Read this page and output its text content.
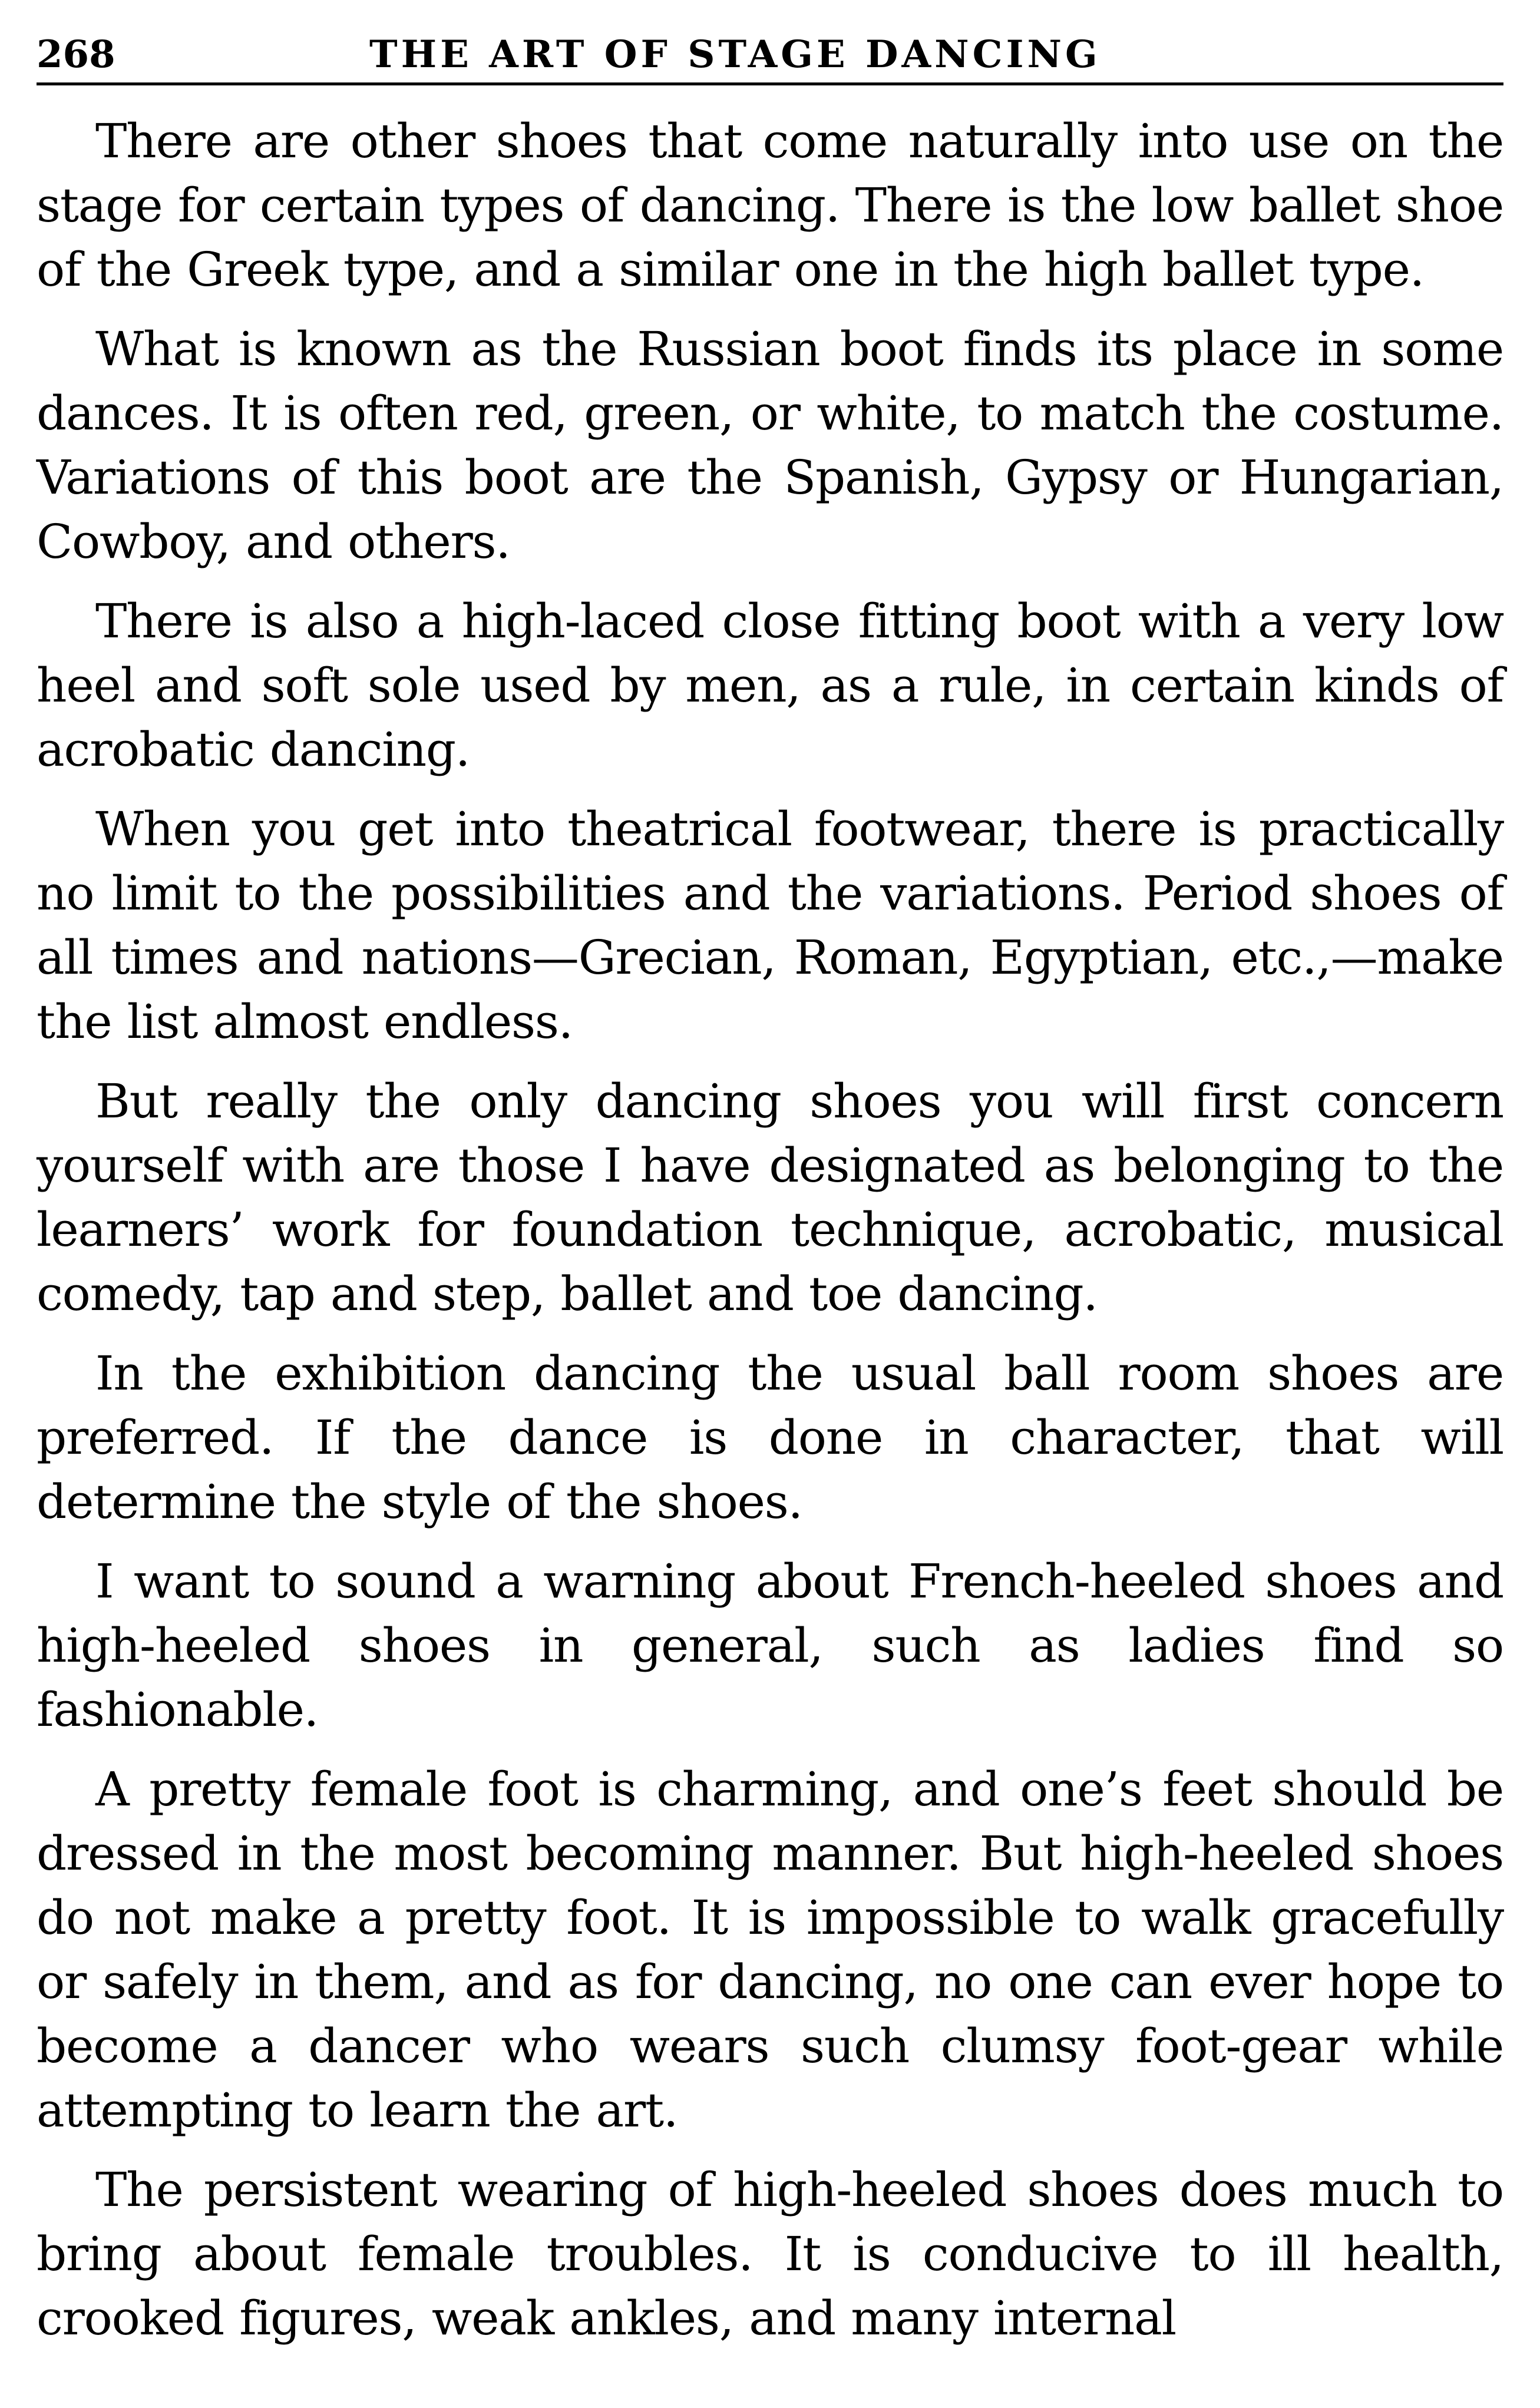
268	THE ART OF STAGE DANCING

There are other shoes that come naturally into use on the stage for certain types of dancing. There is the low ballet shoe of the Greek type, and a similar one in the high ballet type.

What is known as the Russian boot finds its place in some dances. It is often red, green, or white, to match the costume. Variations of this boot are the Spanish, Gypsy or Hungarian, Cowboy, and others.

There is also a high-laced close fitting boot with a very low heel and soft sole used by men, as a rule, in certain kinds of acrobatic dancing.

When you get into theatrical footwear, there is practically no limit to the possibilities and the variations. Period shoes of all times and nations—Grecian, Roman, Egyptian, etc.,—make the list almost endless.

But really the only dancing shoes you will first concern yourself with are those I have designated as belonging to the learners’ work for foundation technique, acrobatic, musical comedy, tap and step, ballet and toe dancing.

In the exhibition dancing the usual ball room shoes are preferred. If the dance is done in character, that will determine the style of the shoes.

I want to sound a warning about French-heeled shoes and high-heeled shoes in general, such as ladies find so fashionable.

A pretty female foot is charming, and one’s feet should be dressed in the most becoming manner. But high-heeled shoes do not make a pretty foot. It is impossible to walk gracefully or safely in them, and as for dancing, no one can ever hope to become a dancer who wears such clumsy foot-gear while attempting to learn the art.

The persistent wearing of high-heeled shoes does much to bring about female troubles. It is conducive to ill health, crooked figures, weak ankles, and many internal
